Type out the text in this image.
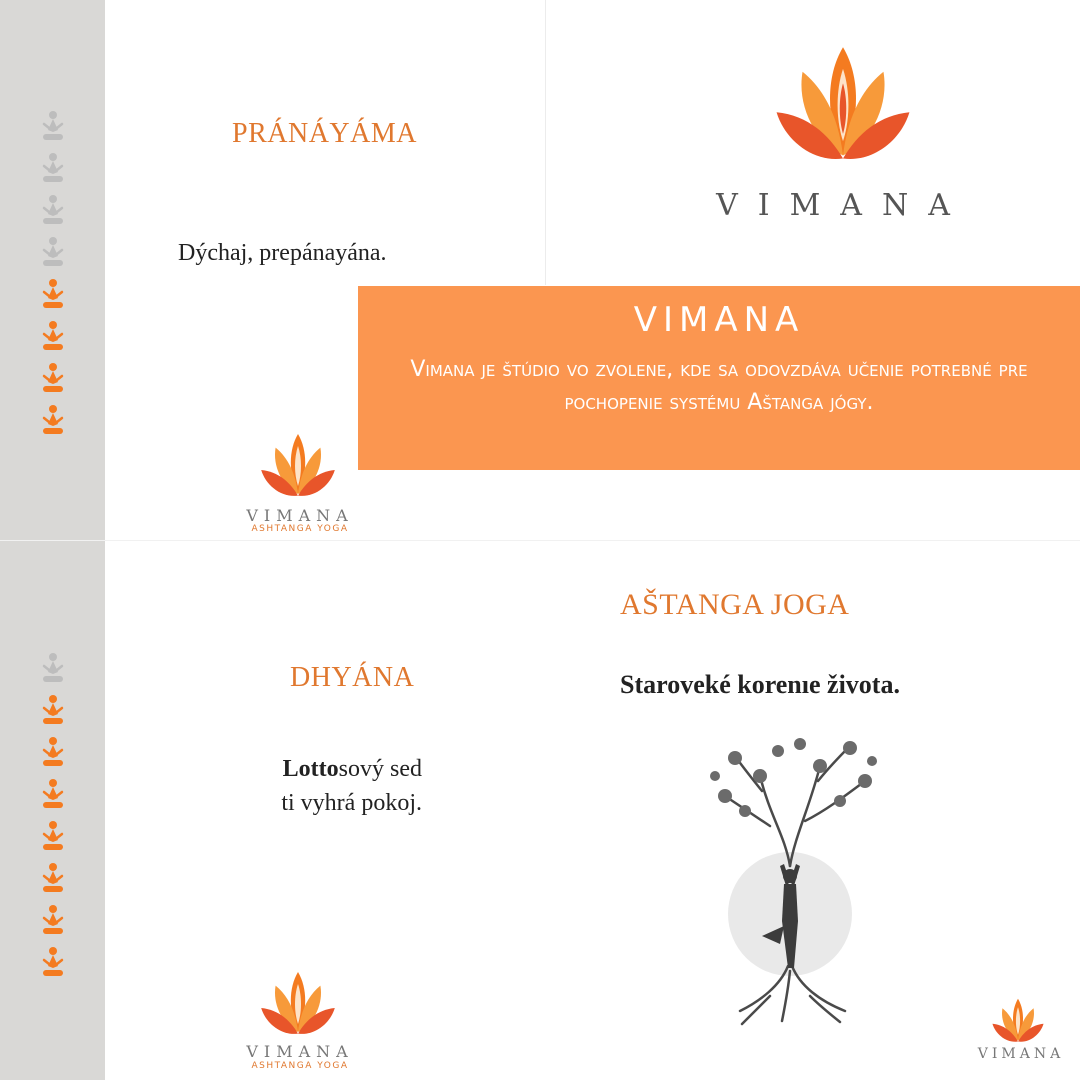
PRÁNÁYÁMA
Dýchaj, prepánayána.
VIMANA
ASHTANGA YOGA
VIMANA
VIMANA
Vimana je štúdio vo zvolene, kde sa odovzdáva učenie potrebné pre pochopenie systému Aštanga jógy.
DHYÁNA
Lottosový sed
ti vyhrá pokoj.
VIMANA
ASHTANGA YOGA
AŠTANGA JOGA
Staroveké korenıe života.
VIMANA
